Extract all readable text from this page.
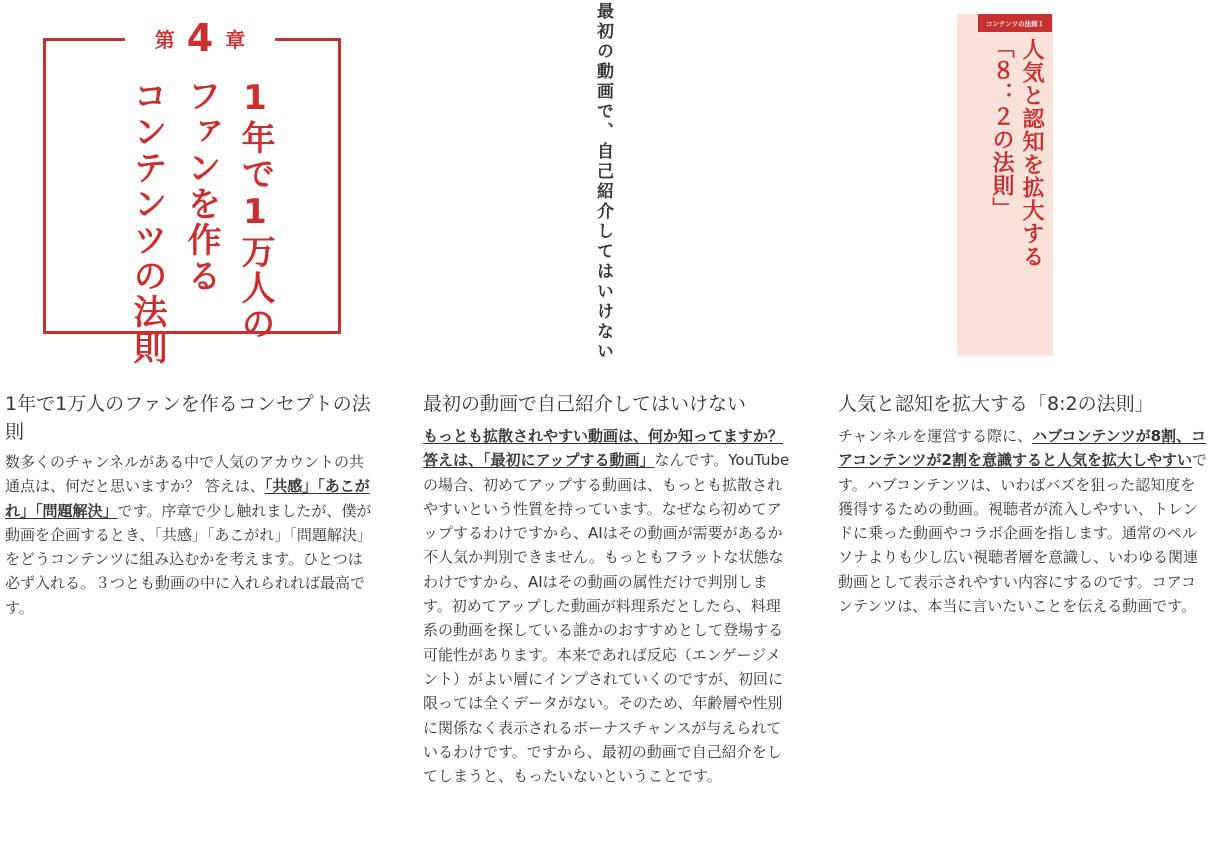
第 4 章
1年で1万人の
ファンを作る
コンテンツの法則
1年で1万人のファンを作るコンセプトの法則

数多くのチャンネルがある中で人気のアカウントの共通点は、何だと思いますか？ 答えは、「共感」「あこがれ」「問題解決」です。序章で少し触れましたが、僕が動画を企画するとき、「共感」「あこがれ」「問題解決」をどうコンテンツに組み込むかを考えます。ひとつは必ず入れる。３つとも動画の中に入れられれば最高です。

最初の動画で、自己紹介してはいけない
最初の動画で自己紹介してはいけない

もっとも拡散されやすい動画は、何か知ってますか？ 答えは、「最初にアップする動画」なんです。YouTubeの場合、初めてアップする動画は、もっとも拡散されやすいという性質を持っています。なぜなら初めてアップするわけですから、AIはその動画が需要があるか不人気か判別できません。もっともフラットな状態なわけですから、AIはその動画の属性だけで判別します。初めてアップした動画が料理系だとしたら、料理系の動画を探している誰かのおすすめとして登場する可能性があります。本来であれば反応（エンゲージメント）がよい層にインプされていくのですが、初回に限っては全くデータがない。そのため、年齢層や性別に関係なく表示されるボーナスチャンスが与えられているわけです。ですから、最初の動画で自己紹介をしてしまうと、もったいないということです。

コンテンツの法則１
人気と認知を拡大する
「８：２の法則」
人気と認知を拡大する「8:2の法則」

チャンネルを運営する際に、ハブコンテンツが8割、コアコンテンツが2割を意識すると人気を拡大しやすいです。ハブコンテンツは、いわばバズを狙った認知度を獲得するための動画。視聴者が流入しやすい、トレンドに乗った動画やコラボ企画を指します。通常のペルソナよりも少し広い視聴者層を意識し、いわゆる関連動画として表示されやすい内容にするのです。コアコンテンツは、本当に言いたいことを伝える動画です。
